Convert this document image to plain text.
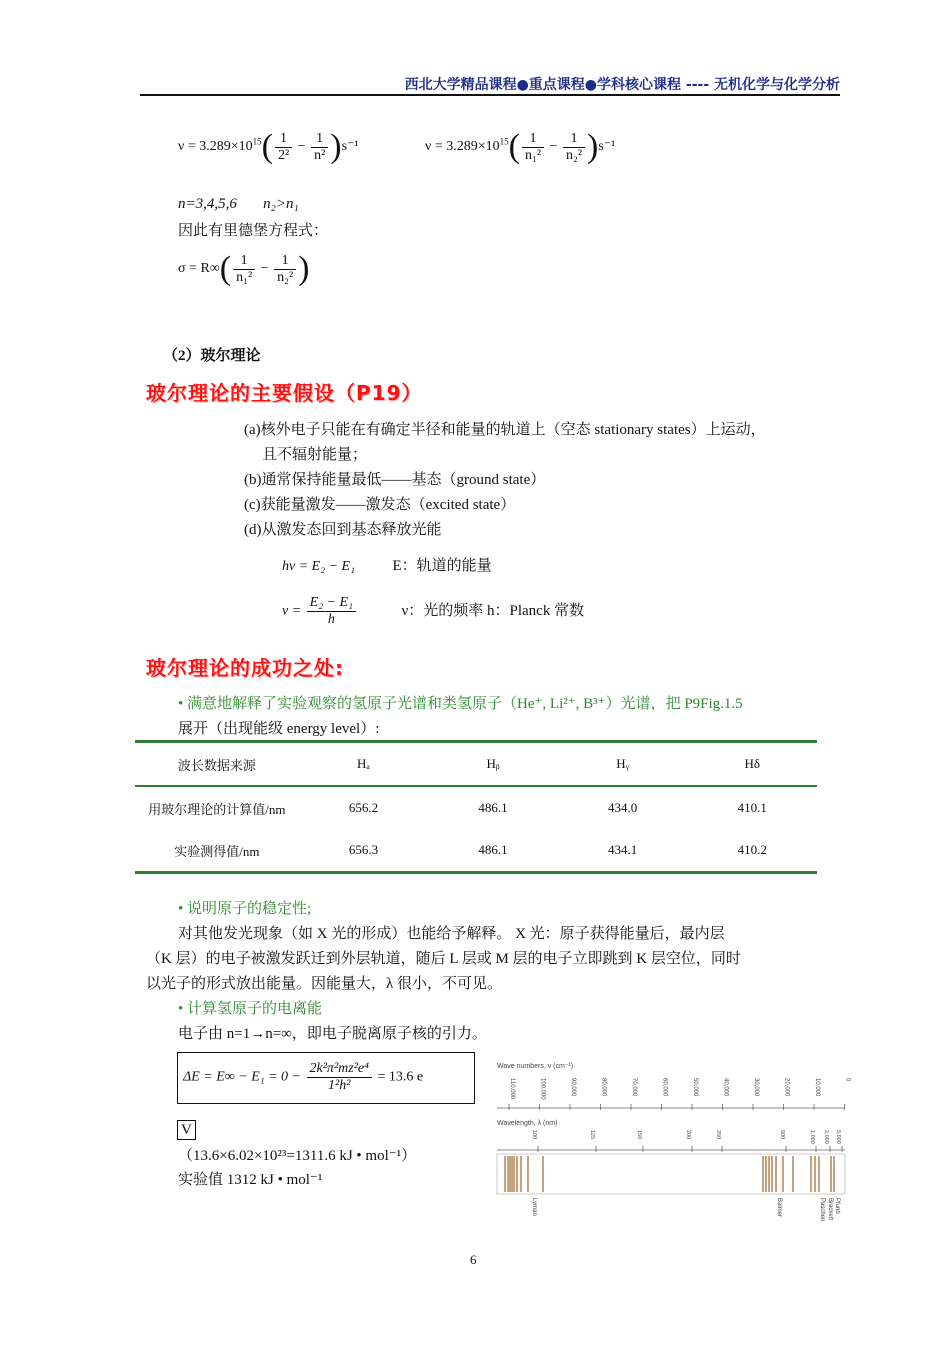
西北大学精品课程●重点课程●学科核心课程 ---- 无机化学与化学分析
$\nu = 3.289\times 10^{15}( \frac{1}{\text{2²}} - \frac{1}{\text{n²}} )s^{-1}$	$\nu = 3.289\times 10^{15}( \frac{1}{\text{n₁²}} - \frac{1}{\text{n₂²}} )s^{-1}$
n=3,4,5,6 n₂>n₁
因此有里德堡方程式：
$\sigma = R\infty( \frac{1}{\text{n₁²}} - \frac{1}{\text{n₂²}}$ )
（2）玻尔理论
玻尔理论的主要假设（P19）
(a)核外电子只能在有确定半径和能量的轨道上（空态 stationary states）上运动，
且不辐射能量；
(b)通常保持能量最低——基态（ground state）
(c)获能量激发——激发态（excited state）
(d)从激发态回到基态释放光能
hν = E₂ − E₁	E：轨道的能量
$\nu = \frac{\text{E₂ − E₁}}{h}$	ν：光的频率 h：Planck 常数
玻尔理论的成功之处:
• 满意地解释了实验观察的氢原子光谱和类氢原子（He⁺, Li²⁺, B³⁺）光谱，把 P9Fig.1.5
展开（出现能级 energy level）:
波长数据来源	Hₐ	Hᵦ	Hᵧ	Hδ
用玻尔理论的计算值/nm	656.2	486.1	434.0	410.1
实验测得值/nm	656.3	486.1	434.1	410.2
• 说明原子的稳定性;
对其他发光现象（如 X 光的形成）也能给予解释。 X 光：原子获得能量后，最内层
（K 层）的电子被激发跃迁到外层轨道，随后 L 层或 M 层的电子立即跳到 K 层空位，同时
以光子的形式放出能量。因能量大，λ 很小，不可见。
• 计算氢原子的电离能
电子由 n=1→n=∞，即电子脱离原子核的引力。
$\Delta E = E\infty - E_1 = 0 - \frac{\text{2k²π²mz²e⁴}}{\text{1²h²}} = 13.6$ e
V
（13.6×6.02×10²³=1311.6 kJ • mol⁻¹）
实验值 1312 kJ • mol⁻¹
Wave numbers, ν (cm⁻¹)
110,000	100,000	90,000	80,000	70,000	60,000	50,000	40,000	30,000	20,000	10,000	0
Wavelength, λ (nm)
100	125	150	200	250	500	1,000 2,000 5,000
Lyman	Balmer	Paschen Brackett Pfund
6
